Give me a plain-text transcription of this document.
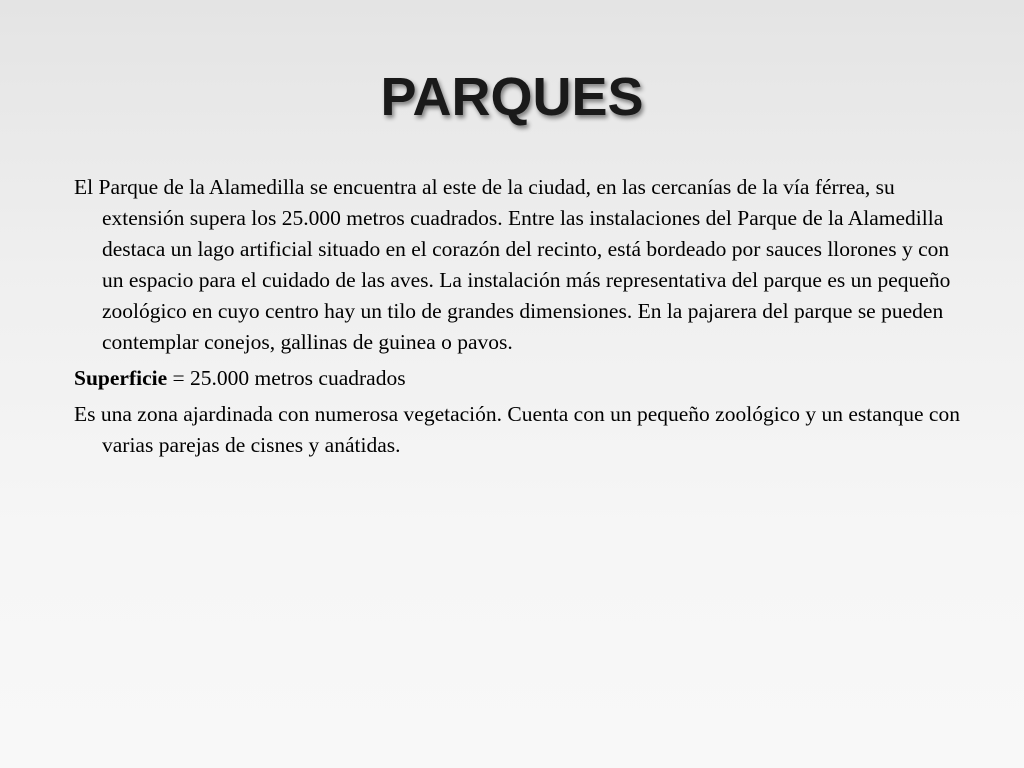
PARQUES

El Parque de la Alamedilla se encuentra al este de la ciudad, en las cercanías de la vía férrea, su extensión supera los 25.000 metros cuadrados. Entre las instalaciones del Parque de la Alamedilla destaca un lago artificial situado en el corazón del recinto, está bordeado por sauces llorones y con un espacio para el cuidado de las aves. La instalación más representativa del parque es un pequeño zoológico en cuyo centro hay un tilo de grandes dimensiones. En la pajarera del parque se pueden contemplar conejos, gallinas de guinea o pavos.

Superficie = 25.000 metros cuadrados

Es una zona ajardinada con numerosa vegetación. Cuenta con un pequeño zoológico y un estanque con varias parejas de cisnes y anátidas.
